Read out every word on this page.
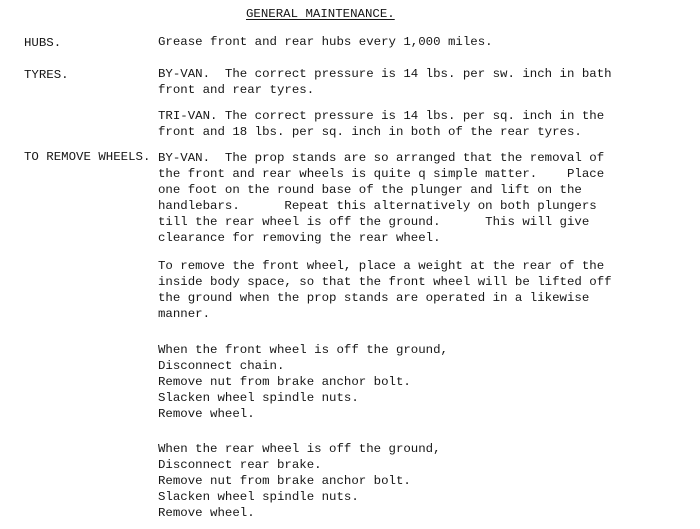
GENERAL MAINTENANCE.
HUBS.	Grease front and rear hubs every 1,000 miles.
TYRES.	BY-VAN.  The correct pressure is 14 lbs. per sw. inch in bath
front and rear tyres.
TRI-VAN. The correct pressure is 14 lbs. per sq. inch in the
front and 18 lbs. per sq. inch in both of the rear tyres.
TO REMOVE WHEELS. BY-VAN.  The prop stands are so arranged that the removal of
the front and rear wheels is quite q simple matter.    Place
one foot on the round base of the plunger and lift on the
handlebars.      Repeat this alternatively on both plungers
till the rear wheel is off the ground.      This will give
clearance for removing the rear wheel.
To remove the front wheel, place a weight at the rear of the
inside body space, so that the front wheel will be lifted off
the ground when the prop stands are operated in a likewise
manner.
When the front wheel is off the ground,
Disconnect chain.
Remove nut from brake anchor bolt.
Slacken wheel spindle nuts.
Remove wheel.
When the rear wheel is off the ground,
Disconnect rear brake.
Remove nut from brake anchor bolt.
Slacken wheel spindle nuts.
Remove wheel.
